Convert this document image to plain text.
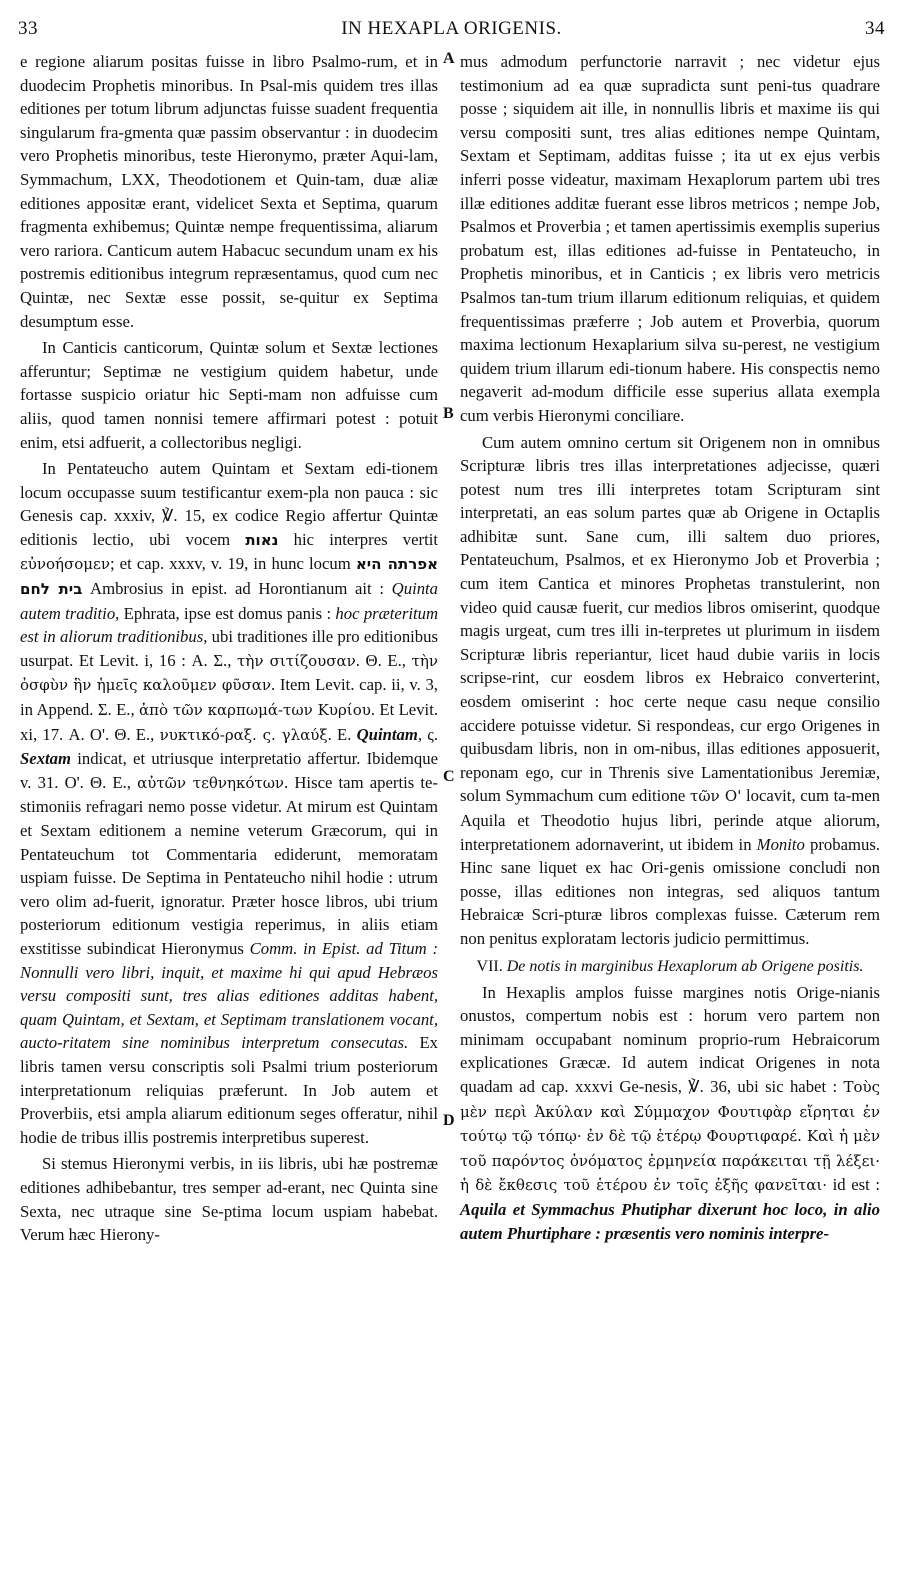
33	IN HEXAPLA ORIGENIS.	34
A
B
C
D

e regione aliarum positas fuisse in libro Psalmo-rum, et in duodecim Prophetis minoribus. In Psal-mis quidem tres illas editiones per totum librum adjunctas fuisse suadent frequentia singularum fra-gmenta quæ passim observantur : in duodecim vero Prophetis minoribus, teste Hieronymo, præter Aqui-lam, Symmachum, LXX, Theodotionem et Quin-tam, duæ aliæ editiones appositæ erant, videlicet Sexta et Septima, quarum fragmenta exhibemus; Quintæ nempe frequentissima, aliarum vero rariora. Canticum autem Habacuc secundum unam ex his postremis editionibus integrum repræsentamus, quod cum nec Quintæ, nec Sextæ esse possit, se-quitur ex Septima desumptum esse.

In Canticis canticorum, Quintæ solum et Sextæ lectiones afferuntur; Septimæ ne vestigium quidem habetur, unde fortasse suspicio oriatur hic Septi-mam non adfuisse cum aliis, quod tamen nonnisi temere affirmari potest : potuit enim, etsi adfuerit, a collectoribus negligi.

In Pentateucho autem Quintam et Sextam edi-tionem locum occupasse suum testificantur exem-pla non pauca : sic Genesis cap. xxxiv, ℣. 15, ex codice Regio affertur Quintæ editionis lectio, ubi vocem נאות hic interpres vertit εὐνοήσομεν; et cap. xxxv, v. 19, in hunc locum אפרתה היא בית לחם Ambrosius in epist. ad Horontianum ait : Quinta autem traditio, Ephrata, ipse est domus panis : hoc præteritum est in aliorum traditionibus, ubi traditiones ille pro editionibus usurpat. Et Levit. i, 16 : Α. Σ., τὴν σιτίζουσαν. Θ. Ε., τὴν ὀσφὺν ἣν ἡμεῖς καλοῦμεν φῦσαν. Item Levit. cap. ii, v. 3, in Append. Σ. Ε., ἀπὸ τῶν καρπωμά-των Κυρίου. Et Levit. xi, 17. Α. Ο'. Θ. Ε., νυκτικό-ραξ. ς. γλαύξ. Ε. Quintam, ς. Sextam indicat, et utriusque interpretatio affertur. Ibidemque v. 31. Ο'. Θ. Ε., αὐτῶν τεθνηκότων. Hisce tam apertis te-stimoniis refragari nemo posse videtur. At mirum est Quintam et Sextam editionem a nemine veterum Græcorum, qui in Pentateuchum tot Commentaria ediderunt, memoratam uspiam fuisse. De Septima in Pentateucho nihil hodie : utrum vero olim ad-fuerit, ignoratur. Præter hosce libros, ubi trium posteriorum editionum vestigia reperimus, in aliis etiam exstitisse subindicat Hieronymus Comm. in Epist. ad Titum : Nonnulli vero libri, inquit, et maxime hi qui apud Hebræos versu compositi sunt, tres alias editiones additas habent, quam Quintam, et Sextam, et Septimam translationem vocant, aucto-ritatem sine nominibus interpretum consecutas. Ex libris tamen versu conscriptis soli Psalmi trium posteriorum interpretationum reliquias præferunt. In Job autem et Proverbiis, etsi ampla aliarum editionum seges offeratur, nihil hodie de tribus illis postremis interpretibus superest.

Si stemus Hieronymi verbis, in iis libris, ubi hæ postremæ editiones adhibebantur, tres semper ad-erant, nec Quinta sine Sexta, nec utraque sine Se-ptima locum uspiam habebat. Verum hæc Hierony-

mus admodum perfunctorie narravit ; nec videtur ejus testimonium ad ea quæ supradicta sunt peni-tus quadrare posse ; siquidem ait ille, in nonnullis libris et maxime iis qui versu compositi sunt, tres alias editiones nempe Quintam, Sextam et Septimam, additas fuisse ; ita ut ex ejus verbis inferri posse videatur, maximam Hexaplorum partem ubi tres illæ editiones additæ fuerant esse libros metricos ; nempe Job, Psalmos et Proverbia ; et tamen apertissimis exemplis superius probatum est, illas editiones ad-fuisse in Pentateucho, in Prophetis minoribus, et in Canticis ; ex libris vero metricis Psalmos tan-tum trium illarum editionum reliquias, et quidem frequentissimas præferre ; Job autem et Proverbia, quorum maxima lectionum Hexaplarium silva su-perest, ne vestigium quidem trium illarum edi-tionum habere. His conspectis nemo negaverit ad-modum difficile esse superius allata exempla cum verbis Hieronymi conciliare.

Cum autem omnino certum sit Origenem non in omnibus Scripturæ libris tres illas interpretationes adjecisse, quæri potest num tres illi interpretes totam Scripturam sint interpretati, an eas solum partes quæ ab Origene in Octaplis adhibitæ sunt. Sane cum, illi saltem duo priores, Pentateuchum, Psalmos, et ex Hieronymo Job et Proverbia ; cum item Cantica et minores Prophetas transtulerint, non video quid causæ fuerit, cur medios libros omiserint, quodque magis urgeat, cum tres illi in-terpretes ut plurimum in iisdem Scripturæ libris reperiantur, licet haud dubie variis in locis scripse-rint, cur eosdem libros ex Hebraico converterint, eosdem omiserint : hoc certe neque casu neque consilio accidere potuisse videtur. Si respondeas, cur ergo Origenes in quibusdam libris, non in om-nibus, illas editiones apposuerit, reponam ego, cur in Threnis sive Lamentationibus Jeremiæ, solum Symmachum cum editione τῶν Ο' locavit, cum ta-men Aquila et Theodotio hujus libri, perinde atque aliorum, interpretationem adornaverint, ut ibidem in Monito probamus. Hinc sane liquet ex hac Ori-genis omissione concludi non posse, illas editiones non integras, sed aliquos tantum Hebraicæ Scri-pturæ libros complexas fuisse. Cæterum rem non penitus exploratam lectoris judicio permittimus.

VII. De notis in marginibus Hexaplorum ab Origene positis.

In Hexaplis amplos fuisse margines notis Orige-nianis onustos, compertum nobis est : horum vero partem non minimam occupabant nominum proprio-rum Hebraicorum explicationes Græcæ. Id autem indicat Origenes in nota quadam ad cap. xxxvi Ge-nesis, ℣. 36, ubi sic habet : Τοὺς μὲν περὶ Ἀκύλαν καὶ Σύμμαχον Φουτιφὰρ εἴρηται ἐν τούτῳ τῷ τόπῳ· ἐν δὲ τῷ ἑτέρῳ Φουρτιφαρέ. Καὶ ἡ μὲν τοῦ παρόντος ὀνόματος ἑρμηνεία παράκειται τῇ λέξει· ἡ δὲ ἔκθεσις τοῦ ἑτέρου ἐν τοῖς ἑξῆς φανεῖται· id est : Aquila et Symmachus Phutiphar dixerunt hoc loco, in alio autem Phurtiphare : præsentis vero nominis interpre-
